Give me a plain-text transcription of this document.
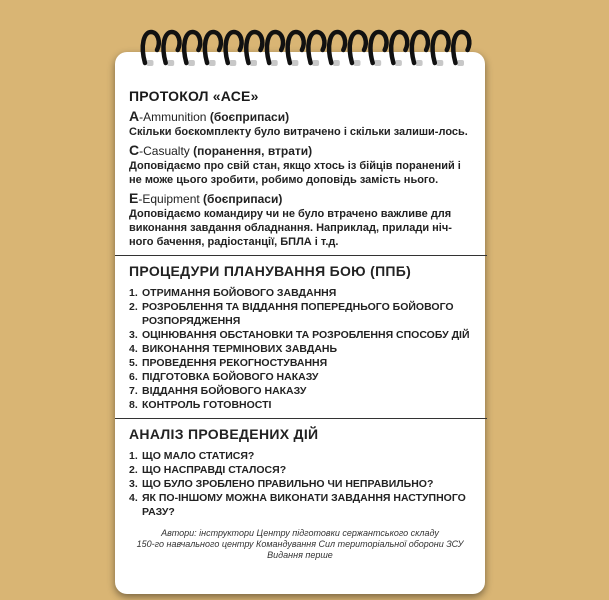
ПРОТОКОЛ «АСЕ»
А-Ammunition (боєприпаси)

Скільки боєкомплекту було витрачено і скільки залиши-лось.

С-Casualty (поранення, втрати)

Доповідаємо про свій стан, якщо хтось із бійців поранений і не може цього зробити, робимо доповідь замість нього.

Е-Equipment (боєприпаси)

Доповідаємо командиру чи не було втрачено важливе для виконання завдання обладнання. Наприклад, прилади ніч-ного бачення, радіостанції, БПЛА і т.д.

ПРОЦЕДУРИ ПЛАНУВАННЯ БОЮ (ППБ)
1. ОТРИМАННЯ БОЙОВОГО ЗАВДАННЯ
2. РОЗРОБЛЕННЯ ТА ВІДДАННЯ ПОПЕРЕДНЬОГО БОЙОВОГО РОЗПОРЯДЖЕННЯ
3. ОЦІНЮВАННЯ ОБСТАНОВКИ ТА РОЗРОБЛЕННЯ СПОСОБУ ДІЙ
4. ВИКОНАННЯ ТЕРМІНОВИХ ЗАВДАНЬ
5. ПРОВЕДЕННЯ РЕКОГНОСТУВАННЯ
6. ПІДГОТОВКА БОЙОВОГО НАКАЗУ
7. ВІДДАННЯ БОЙОВОГО НАКАЗУ
8. КОНТРОЛЬ ГОТОВНОСТІ
АНАЛІЗ ПРОВЕДЕНИХ ДІЙ
1. ЩО МАЛО СТАТИСЯ?
2. ЩО НАСПРАВДІ СТАЛОСЯ?
3. ЩО БУЛО ЗРОБЛЕНО ПРАВИЛЬНО ЧИ НЕПРАВИЛЬНО?
4. ЯК ПО-ІНШОМУ МОЖНА ВИКОНАТИ ЗАВДАННЯ НАСТУПНОГО РАЗУ?
Автори: інструктори Центру підготовки сержантського складу
150-го навчального центру Командування Сил територіальної оборони ЗСУ
Видання перше
